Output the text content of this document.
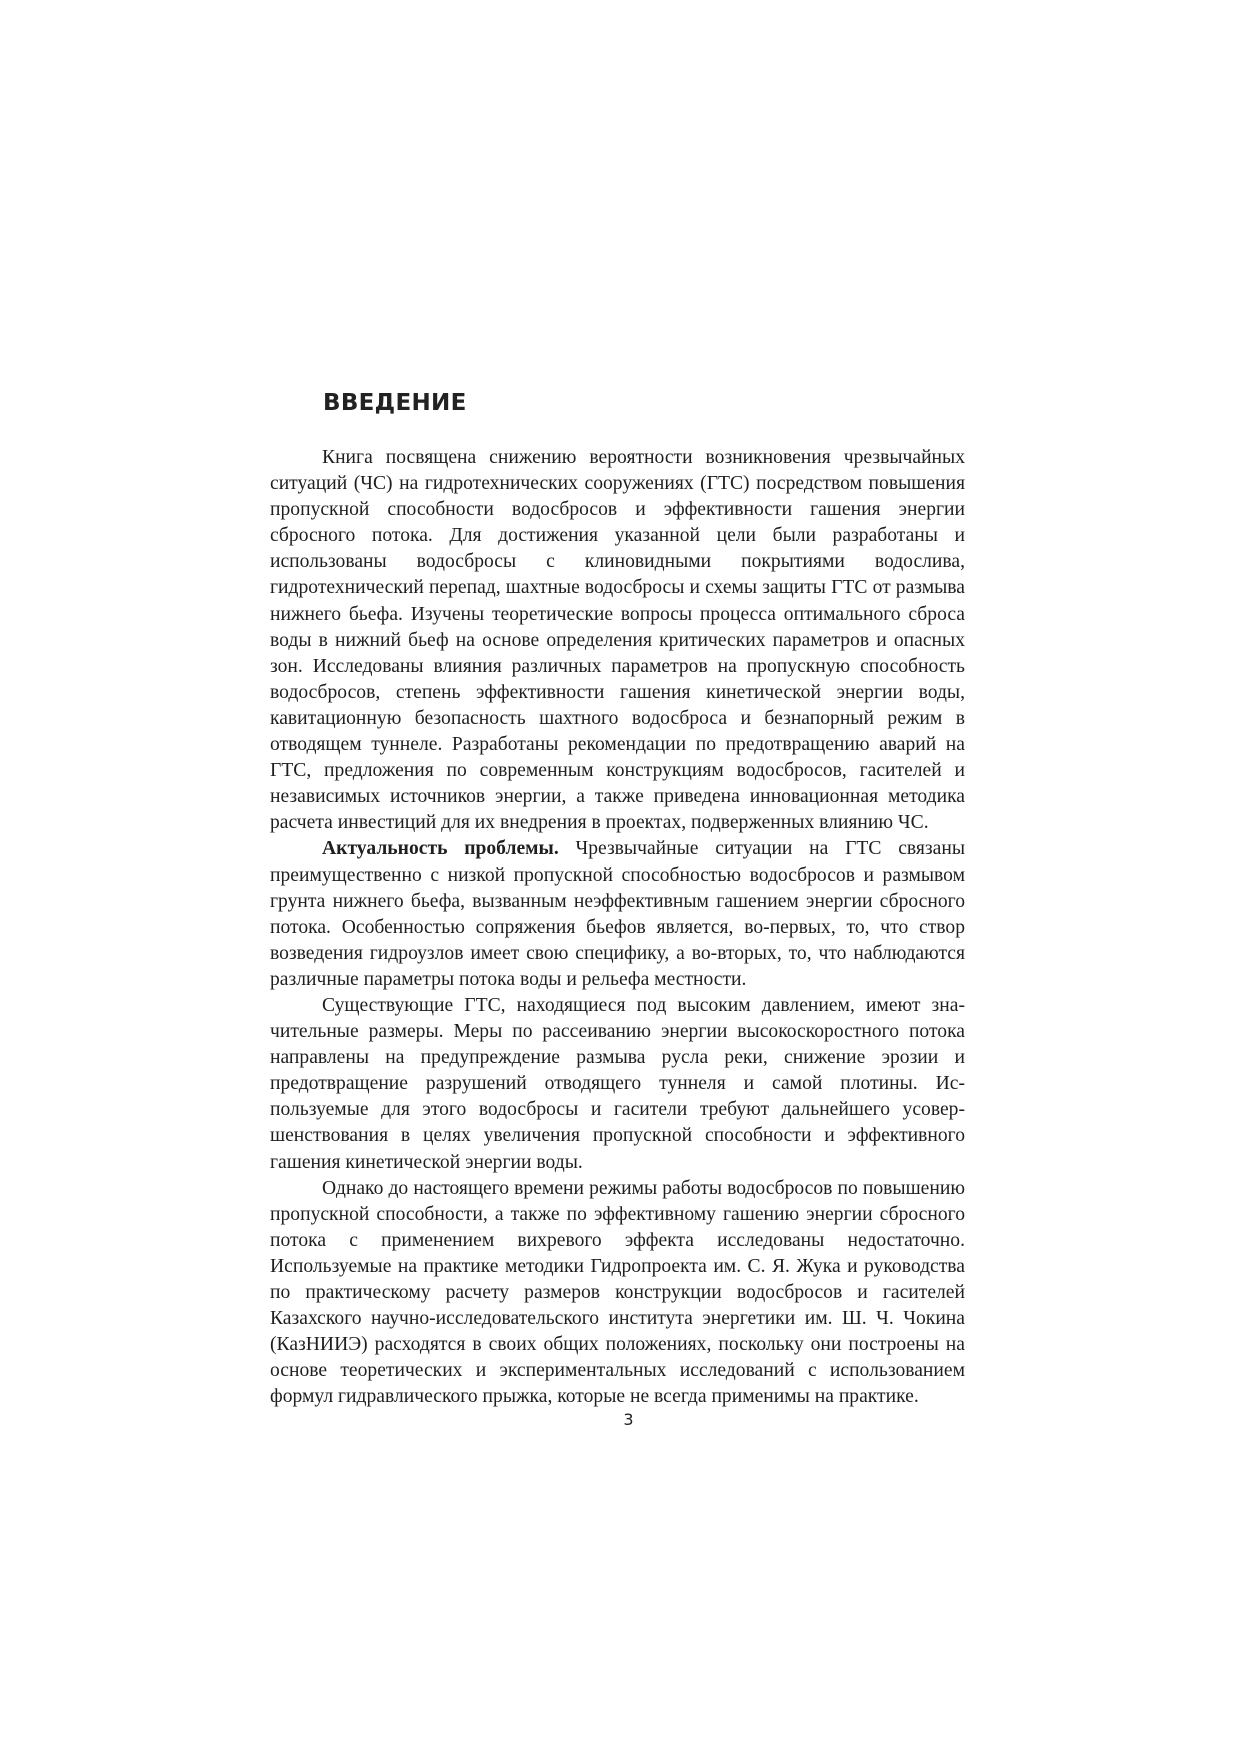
ВВЕДЕНИЕ

Книга посвящена снижению вероятности возникновения чрезвычайных ситуаций (ЧС) на гидротехнических сооружениях (ГТС) посредством повышения пропускной способности водосбросов и эффективности гашения энергии сбросного потока. Для достижения указанной цели были разработаны и использованы водосбросы с клиновидными покрытиями водослива, гидротехнический перепад, шахтные водосбросы и схемы защиты ГТС от размыва нижнего бьефа. Изучены теоретические вопросы процесса оптимального сброса воды в нижний бьеф на основе определения критических параметров и опасных зон. Исследованы влияния различных параметров на пропускную способность водосбросов, степень эффективности гашения кинетической энергии воды, кавитационную безопасность шахтного водосброса и безнапорный режим в отводящем туннеле. Разработаны рекомендации по предотвращению аварий на ГТС, предложения по современным конструкциям водосбросов, гасителей и независимых источников энергии, а также приведена инновационная методика расчета инвестиций для их внедрения в проектах, подверженных влиянию ЧС.

Актуальность проблемы. Чрезвычайные ситуации на ГТС связаны преимущественно с низкой пропускной способностью водосбросов и размывом грунта нижнего бьефа, вызванным неэффективным гашением энергии сбросного потока. Особенностью сопряжения бьефов является, во-первых, то, что створ возведения гидроузлов имеет свою специфику, а во-вторых, то, что наблюдаются различные параметры потока воды и рельефа местности.

Существующие ГТС, находящиеся под высоким давлением, имеют значительные размеры. Меры по рассеиванию энергии высокоскоростного потока направлены на предупреждение размыва русла реки, снижение эрозии и предотвращение разрушений отводящего туннеля и самой плотины. Используемые для этого водосбросы и гасители требуют дальнейшего усовершенствования в целях увеличения пропускной способности и эффективного гашения кинетической энергии воды.

Однако до настоящего времени режимы работы водосбросов по повышению пропускной способности, а также по эффективному гашению энергии сбросного потока с применением вихревого эффекта исследованы недостаточно. Используемые на практике методики Гидропроекта им. С. Я. Жука и руководства по практическому расчету размеров конструкции водосбросов и гасителей Казахского научно-исследовательского института энергетики им. Ш. Ч. Чокина (КазНИИЭ) расходятся в своих общих положениях, поскольку они построены на основе теоретических и экспериментальных исследований с использованием формул гидравлического прыжка, которые не всегда применимы на практике.

3
